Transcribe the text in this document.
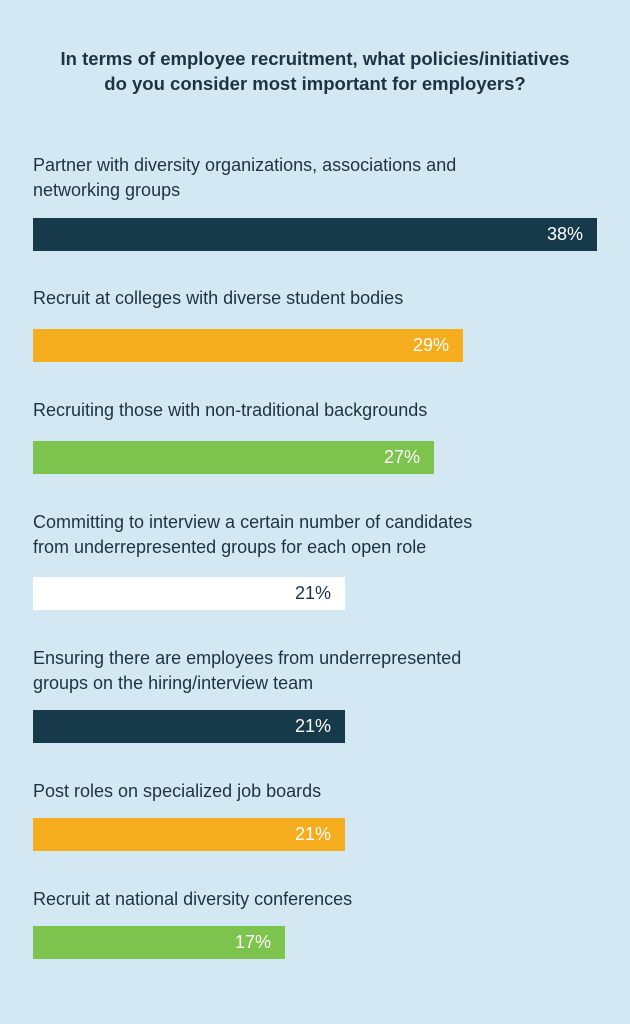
In terms of employee recruitment, what policies/initiatives
do you consider most important for employers?
Partner with diversity organizations, associations and
networking groups
38%
Recruit at colleges with diverse student bodies
29%
Recruiting those with non-traditional backgrounds
27%
Committing to interview a certain number of candidates
from underrepresented groups for each open role
21%
Ensuring there are employees from underrepresented
groups on the hiring/interview team
21%
Post roles on specialized job boards
21%
Recruit at national diversity conferences
17%
